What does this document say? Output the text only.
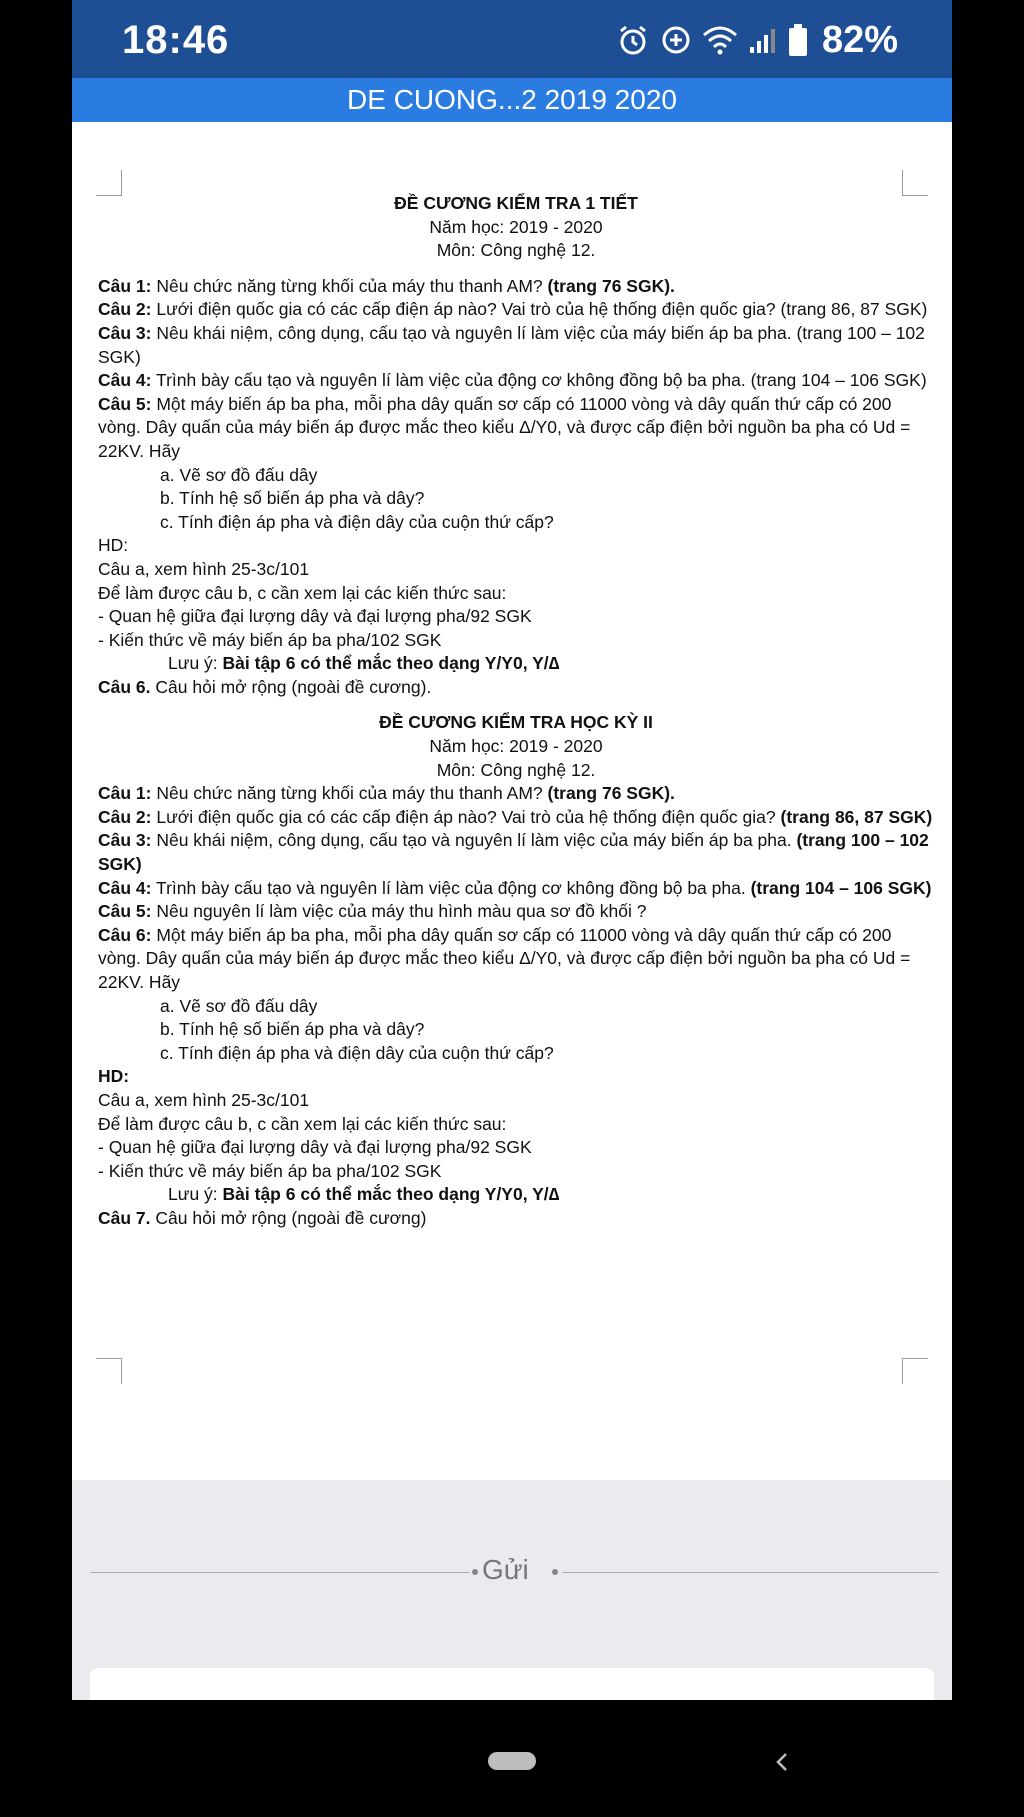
18:46	82%
DE CUONG...2 2019 2020
ĐỀ CƯƠNG KIỂM TRA 1 TIẾT
Năm học: 2019 - 2020
Môn: Công nghệ 12.
Câu 1: Nêu chức năng từng khối của máy thu thanh AM? (trang 76 SGK).
Câu 2: Lưới điện quốc gia có các cấp điện áp nào? Vai trò của hệ thống điện quốc gia? (trang 86, 87 SGK)
Câu 3: Nêu khái niệm, công dụng, cấu tạo và nguyên lí làm việc của máy biến áp ba pha. (trang 100 – 102 SGK)
Câu 4: Trình bày cấu tạo và nguyên lí làm việc của động cơ không đồng bộ ba pha. (trang 104 – 106 SGK)
Câu 5: Một máy biến áp ba pha, mỗi pha dây quấn sơ cấp có 11000 vòng và dây quấn thứ cấp có 200 vòng. Dây quấn của máy biến áp được mắc theo kiểu Δ/Y0, và được cấp điện bởi nguồn ba pha có Ud = 22KV. Hãy
a. Vẽ sơ đồ đấu dây
b. Tính hệ số biến áp pha và dây?
c. Tính điện áp pha và điện dây của cuộn thứ cấp?
HD:
Câu a, xem hình 25-3c/101
Để làm được câu b, c cần xem lại các kiến thức sau:
- Quan hệ giữa đại lượng dây và đại lượng pha/92 SGK
- Kiến thức về máy biến áp ba pha/102 SGK
Lưu ý: Bài tập 6 có thể mắc theo dạng Y/Y0, Y/∆
Câu 6. Câu hỏi mở rộng (ngoài đề cương).
ĐỀ CƯƠNG KIỂM TRA HỌC KỲ II
Năm học: 2019 - 2020
Môn: Công nghệ 12.
Câu 1: Nêu chức năng từng khối của máy thu thanh AM? (trang 76 SGK).
Câu 2: Lưới điện quốc gia có các cấp điện áp nào? Vai trò của hệ thống điện quốc gia? (trang 86, 87 SGK)
Câu 3: Nêu khái niệm, công dụng, cấu tạo và nguyên lí làm việc của máy biến áp ba pha. (trang 100 – 102 SGK)
Câu 4: Trình bày cấu tạo và nguyên lí làm việc của động cơ không đồng bộ ba pha. (trang 104 – 106 SGK)
Câu 5: Nêu nguyên lí làm việc của máy thu hình màu qua sơ đồ khối ?
Câu 6: Một máy biến áp ba pha, mỗi pha dây quấn sơ cấp có 11000 vòng và dây quấn thứ cấp có 200 vòng. Dây quấn của máy biến áp được mắc theo kiểu Δ/Y0, và được cấp điện bởi nguồn ba pha có Ud = 22KV. Hãy
a. Vẽ sơ đồ đấu dây
b. Tính hệ số biến áp pha và dây?
c. Tính điện áp pha và điện dây của cuộn thứ cấp?
HD:
Câu a, xem hình 25-3c/101
Để làm được câu b, c cần xem lại các kiến thức sau:
- Quan hệ giữa đại lượng dây và đại lượng pha/92 SGK
- Kiến thức về máy biến áp ba pha/102 SGK
Lưu ý: Bài tập 6 có thể mắc theo dạng Y/Y0, Y/∆
Câu 7. Câu hỏi mở rộng (ngoài đề cương)
Gửi
